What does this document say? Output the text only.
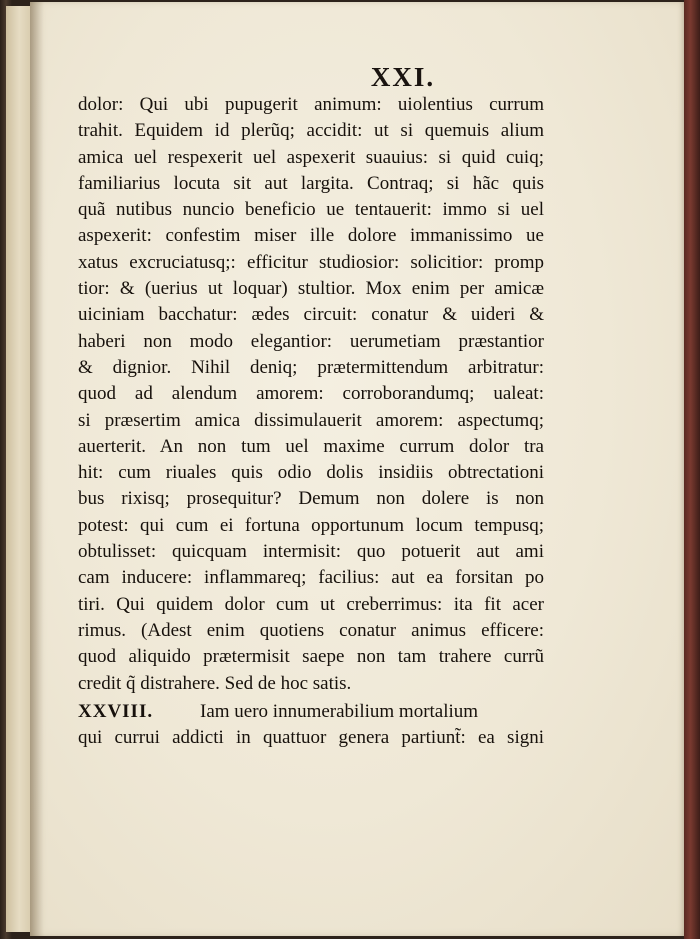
XXI.
dolor: Qui ubi pupugerit animum: uiolentius currum
trahit. Equidem id plerũq; accidit: ut si quemuis alium
amica uel respexerit uel aspexerit suauius: si quid cuiq;
familiarius locuta sit aut largita. Contraq; si hãc quis
quã nutibus nuncio beneficio ue tentauerit: immo si uel
aspexerit: confestim miser ille dolore immanissimo ue
xatus excruciatusq;: efficitur studiosior: solicitior: promp
tior: & (uerius ut loquar) stultior. Mox enim per amicæ
uiciniam bacchatur: ædes circuit: conatur & uideri &
haberi non modo elegantior: uerumetiam præstantior
& dignior. Nihil deniq; prætermittendum arbitratur:
quod ad alendum amorem: corroborandumq; ualeat:
si præsertim amica dissimulauerit amorem: aspectumq;
auerterit. An non tum uel maxime currum dolor tra
hit: cum riuales quis odio dolis insidiis obtrectationi
bus rixisq; prosequitur? Demum non dolere is non
potest: qui cum ei fortuna opportunum locum tempusq;
obtulisset: quicquam intermisit: quo potuerit aut ami
cam inducere: inflammareq; facilius: aut ea forsitan po
tiri. Qui quidem dolor cum ut creberrimus: ita fit acer
rimus. (Adest enim quotiens conatur animus efficere:
quod aliquido prætermisit saepe non tam trahere currũ
credit q̃ distrahere. Sed de hoc satis.
XXVIII. Iam uero innumerabilium mortalium
qui currui addicti in quattuor genera partiunt̃: ea signi
